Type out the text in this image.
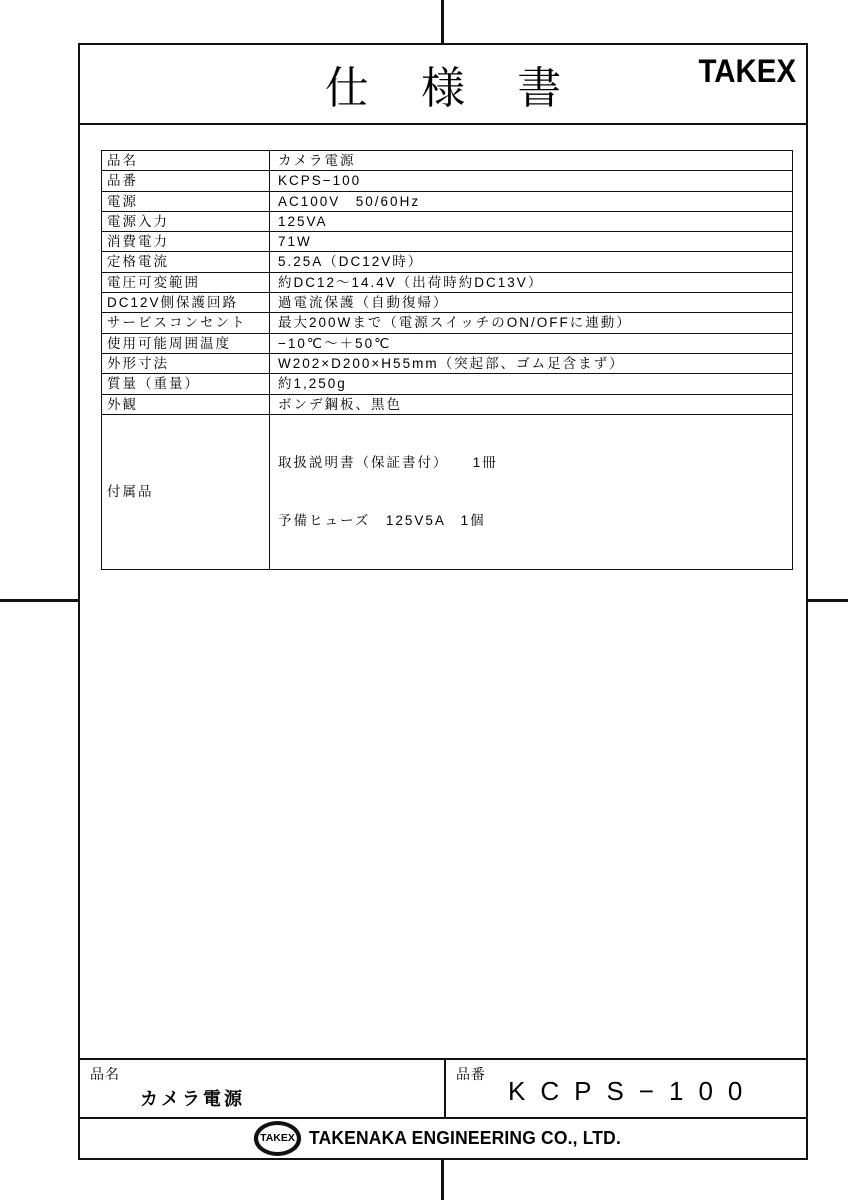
仕 様 書	TAKEX
品名	カメラ電源
品番	KCPS−100
電源	AC100V　50/60Hz
電源入力	125VA
消費電力	71W
定格電流	5.25A（DC12V時）
電圧可変範囲	約DC12～14.4V（出荷時約DC13V）
DC12V側保護回路	過電流保護（自動復帰）
サービスコンセント	最大200Wまで（電源スイッチのON/OFFに連動）
使用可能周囲温度	−10℃～＋50℃
外形寸法	W202×D200×H55mm（突起部、ゴム足含まず）
質量（重量）	約1,250g
外観	ボンデ鋼板、黒色
付属品	取扱説明書（保証書付）　　1冊

予備ヒューズ　125V5A　1個

品名
カメラ電源
品番
KCPS−100
TAKEX TAKENAKA ENGINEERING CO., LTD.
